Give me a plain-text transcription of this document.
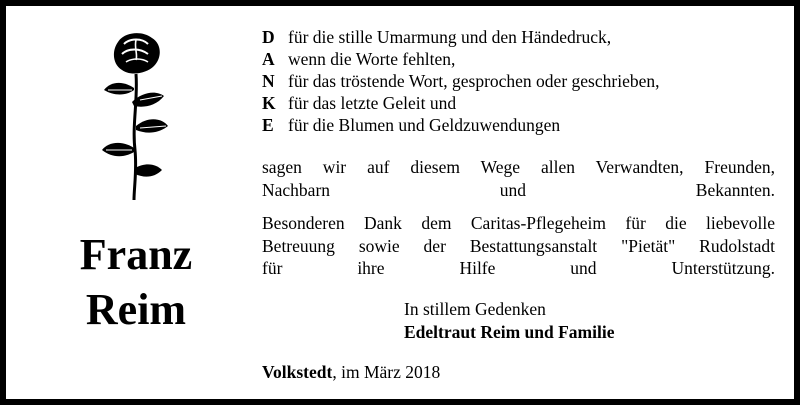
Franz
Reim
D für die stille Umarmung und den Händedruck,
A wenn die Worte fehlten,
N für das tröstende Wort, gesprochen oder geschrieben,
K für das letzte Geleit und
E für die Blumen und Geldzuwendungen
sagen wir auf diesem Wege allen Verwandten, Freunden,
Nachbarn und Bekannten.
Besonderen Dank dem Caritas-Pflegeheim für die liebevolle
Betreuung sowie der Bestattungsanstalt "Pietät" Rudolstadt
für ihre Hilfe und Unterstützung.
In stillem Gedenken
Edeltraut Reim und Familie
Volkstedt, im März 2018
